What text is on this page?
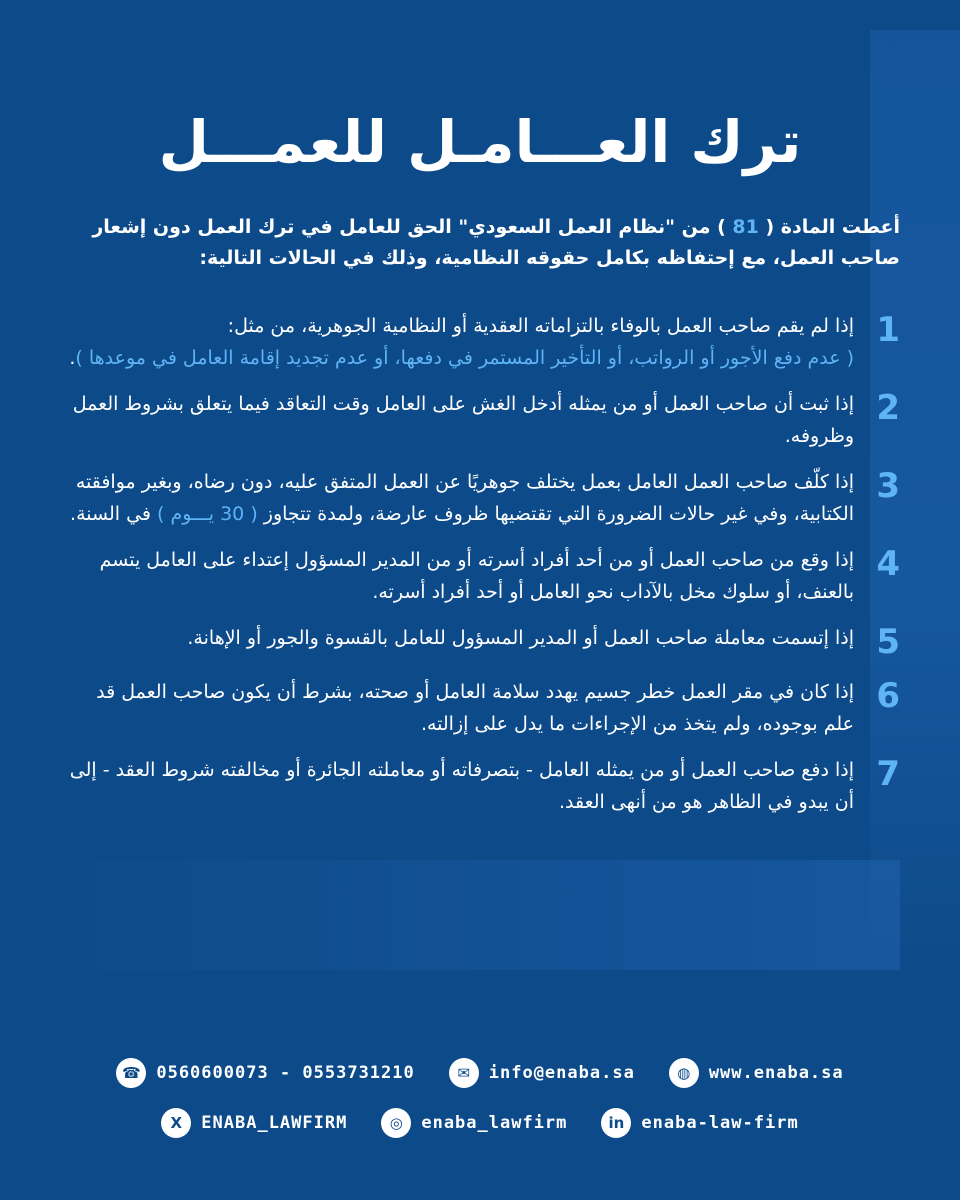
ترك العـــامـل للعمـــل
أعطت المادة ( 81 ) من "نظام العمل السعودي" الحق للعامل في ترك العمل دون إشعار صاحب العمل، مع إحتفاظه بكامل حقوقه النظامية، وذلك في الحالات التالية:
1
إذا لم يقم صاحب العمل بالوفاء بالتزاماته العقدية أو النظامية الجوهرية، من مثل:
( عدم دفع الأجور أو الرواتب، أو التأخير المستمر في دفعها، أو عدم تجديد إقامة العامل في موعدها ).
2
إذا ثبت أن صاحب العمل أو من يمثله أدخل الغش على العامل وقت التعاقد فيما يتعلق بشروط العمل وظروفه.
3
إذا كلّف صاحب العمل العامل بعمل يختلف جوهريًا عن العمل المتفق عليه، دون رضاه، وبغير موافقته الكتابية، وفي غير حالات الضرورة التي تقتضيها ظروف عارضة، ولمدة تتجاوز ( 30 يـــوم ) في السنة.
4
إذا وقع من صاحب العمل أو من أحد أفراد أسرته أو من المدير المسؤول إعتداء على العامل يتسم بالعنف، أو سلوك مخل بالآداب نحو العامل أو أحد أفراد أسرته.
5
إذا إتسمت معاملة صاحب العمل أو المدير المسؤول للعامل بالقسوة والجور أو الإهانة.
6
إذا كان في مقر العمل خطر جسيم يهدد سلامة العامل أو صحته، بشرط أن يكون صاحب العمل قد علم بوجوده، ولم يتخذ من الإجراءات ما يدل على إزالته.
7
إذا دفع صاحب العمل أو من يمثله العامل - بتصرفاته أو معاملته الجائرة أو مخالفته شروط العقد - إلى أن يبدو في الظاهر هو من أنهى العقد.
☎ 0560600073 - 0553731210	✉	info@enaba.sa	◍	www.enaba.sa
X	ENABA_LAWFIRM	◎	enaba_lawfirm	in	enaba-law-firm
